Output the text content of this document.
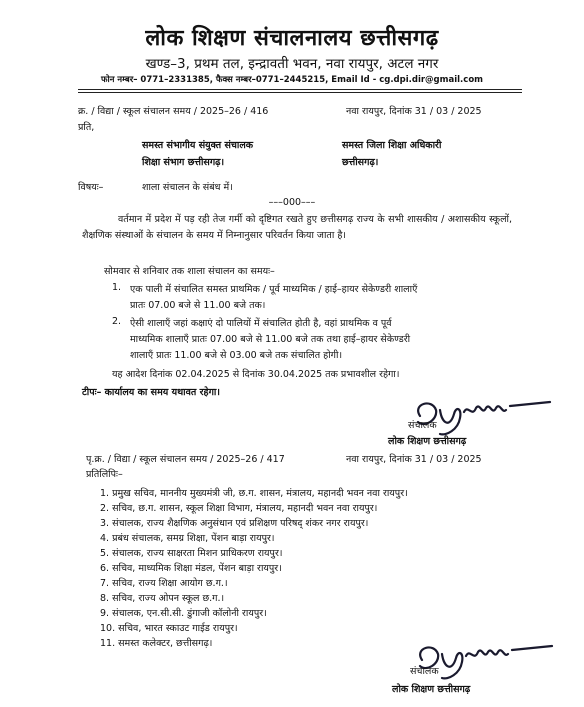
लोक शिक्षण संचालनालय छत्तीसगढ़
खण्ड–3, प्रथम तल, इन्द्रावती भवन, नवा रायपुर, अटल नगर
फोन नम्बर– 0771–2331385, फैक्स नम्बर–0771–2445215, Email Id - cg.dpi.dir@gmail.com
क्र. / विद्या / स्कूल संचालन समय / 2025–26 / 416	नवा रायपुर, दिनांक 31 / 03 / 2025
प्रति,
समस्त संभागीय संयुक्त संचालक
शिक्षा संभाग छत्तीसगढ़।
समस्त जिला शिक्षा अधिकारी
छत्तीसगढ़।
विषयः–	शाला संचालन के संबंध में।
–––000–––
वर्तमान में प्रदेश में पड़ रही तेज गर्मी को दृष्टिगत रखते हुए छत्तीसगढ़ राज्य के सभी शासकीय / अशासकीय स्कूलों, शैक्षणिक संस्थाओं के संचालन के समय में निम्नानुसार परिवर्तन किया जाता है।
सोमवार से शनिवार तक शाला संचालन का समयः–
1. एक पाली में संचालित समस्त प्राथमिक / पूर्व माध्यमिक / हाई–हायर सेकेण्डरी शालाएँ
प्रातः 07.00 बजे से 11.00 बजे तक।
2. ऐसी शालाएँ जहां कक्षाएं दो पालियों में संचालित होती है, वहां प्राथमिक व पूर्व
माध्यमिक शालाएँ प्रातः 07.00 बजे से 11.00 बजे तक तथा हाई–हायर सेकेण्डरी
शालाएँ प्रातः 11.00 बजे से 03.00 बजे तक संचालित होगी।
यह आदेश दिनांक 02.04.2025 से दिनांक 30.04.2025 तक प्रभावशील रहेगा।
टीपः– कार्यालय का समय यथावत रहेगा।
संचालक
लोक शिक्षण छत्तीसगढ़
पृ.क्र. / विद्या / स्कूल संचालन समय / 2025–26 / 417	नवा रायपुर, दिनांक 31 / 03 / 2025
प्रतिलिपिः–
1. प्रमुख सचिव, माननीय मुख्यमंत्री जी, छ.ग. शासन, मंत्रालय, महानदी भवन नवा रायपुर।
2. सचिव, छ.ग. शासन, स्कूल शिक्षा विभाग, मंत्रालय, महानदी भवन नवा रायपुर।
3. संचालक, राज्य शैक्षणिक अनुसंधान एवं प्रशिक्षण परिषद् शंकर नगर रायपुर।
4. प्रबंध संचालक, समग्र शिक्षा, पेंशन बाड़ा रायपुर।
5. संचालक, राज्य साक्षरता मिशन प्राधिकरण रायपुर।
6. सचिव, माध्यमिक शिक्षा मंडल, पेंशन बाड़ा रायपुर।
7. सचिव, राज्य शिक्षा आयोग छ.ग.।
8. सचिव, राज्य ओपन स्कूल छ.ग.।
9. संचालक, एन.सी.सी. डुंगाजी कॉलोनी रायपुर।
10. सचिव, भारत स्काउट गाईड रायपुर।
11. समस्त कलेक्टर, छत्तीसगढ़।
संचालक
लोक शिक्षण छत्तीसगढ़
